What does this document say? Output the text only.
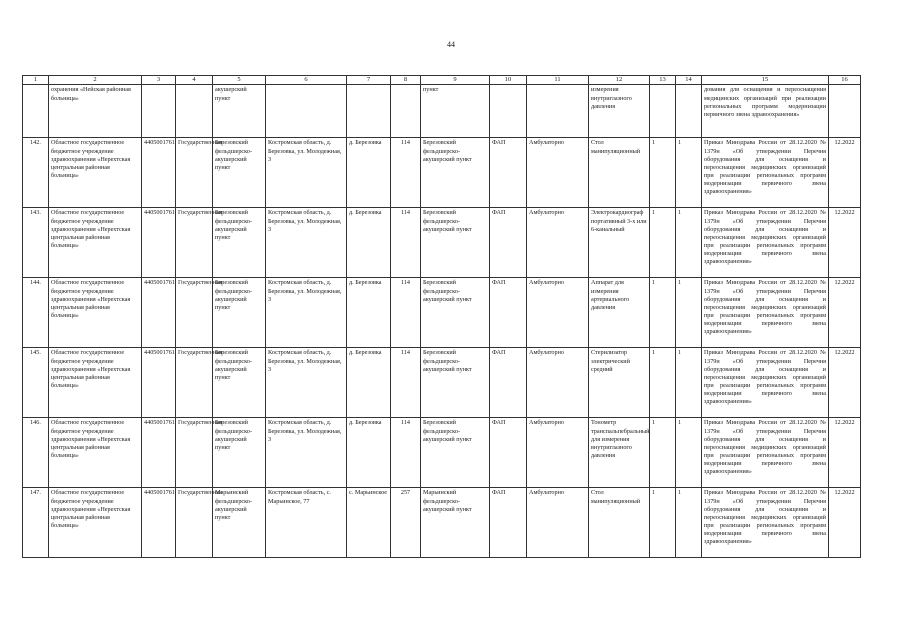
44
1	2	3	4	5	6	7	8	9	10	11	12	13	14	15	16
	охранения «Нейская районная больница»			акушерский пункт				пункт			измерения внутриглазного давления			дования для оснащения и переоснащения медицинских организаций при реализации региональных программ модернизации первичного звена здравоохранения»	
142.	Областное государственное бюджетное учреждение здравоохранения «Нерехтская центральная районная больница»	4405001761	Государственная	Березовский фельдшерско-акушерский пункт	Костромская область, д. Березовка, ул. Молодежная, 3	д. Березовка	114	Березовский фельдшерско-акушерский пункт	ФАП	Амбулаторно	Стол манипуляционный	1	1	Приказ Минздрава России от 28.12.2020 № 1379н «Об утверждении Перечня оборудования для оснащения и переоснащения медицинских организаций при реализации региональных программ модернизации первичного звена здравоохранения»	12.2022
143.	Областное государственное бюджетное учреждение здравоохранения «Нерехтская центральная районная больница»	4405001761	Государственная	Березовский фельдшерско-акушерский пункт	Костромская область, д. Березовка, ул. Молодежная, 3	д. Березовка	114	Березовский фельдшерско-акушерский пункт	ФАП	Амбулаторно	Электрокардиограф портативный 3-х или 6-канальный	1	1	Приказ Минздрава России от 28.12.2020 № 1379н «Об утверждении Перечня оборудования для оснащения и переоснащения медицинских организаций при реализации региональных программ модернизации первичного звена здравоохранения»	12.2022
144.	Областное государственное бюджетное учреждение здравоохранения «Нерехтская центральная районная больница»	4405001761	Государственная	Березовский фельдшерско-акушерский пункт	Костромская область, д. Березовка, ул. Молодежная, 3	д. Березовка	114	Березовский фельдшерско-акушерский пункт	ФАП	Амбулаторно	Аппарат для измерения артериального давления	1	1	Приказ Минздрава России от 28.12.2020 № 1379н «Об утверждении Перечня оборудования для оснащения и переоснащения медицинских организаций при реализации региональных программ модернизации первичного звена здравоохранения»	12.2022
145.	Областное государственное бюджетное учреждение здравоохранения «Нерехтская центральная районная больница»	4405001761	Государственная	Березовский фельдшерско-акушерский пункт	Костромская область, д. Березовка, ул. Молодежная, 3	д. Березовка	114	Березовский фельдшерско-акушерский пункт	ФАП	Амбулаторно	Стерилизатор электрический средний	1	1	Приказ Минздрава России от 28.12.2020 № 1379н «Об утверждении Перечня оборудования для оснащения и переоснащения медицинских организаций при реализации региональных программ модернизации первичного звена здравоохранения»	12.2022
146.	Областное государственное бюджетное учреждение здравоохранения «Нерехтская центральная районная больница»	4405001761	Государственная	Березовский фельдшерско-акушерский пункт	Костромская область, д. Березовка, ул. Молодежная, 3	д. Березовка	114	Березовский фельдшерско-акушерский пункт	ФАП	Амбулаторно	Тонометр транспальпебральный для измерения внутриглазного давления	1	1	Приказ Минздрава России от 28.12.2020 № 1379н «Об утверждении Перечня оборудования для оснащения и переоснащения медицинских организаций при реализации региональных программ модернизации первичного звена здравоохранения»	12.2022
147.	Областное государственное бюджетное учреждение здравоохранения «Нерехтская центральная районная больница»	4405001761	Государственная	Марьинский фельдшерско-акушерский пункт	Костромская область, с. Марьинское, 77	с. Марьинское	257	Марьинский фельдшерско-акушерский пункт	ФАП	Амбулаторно	Стол манипуляционный	1	1	Приказ Минздрава России от 28.12.2020 № 1379н «Об утверждении Перечня оборудования для оснащения и переоснащения медицинских организаций при реализации региональных программ модернизации первичного звена здравоохранения»	12.2022
